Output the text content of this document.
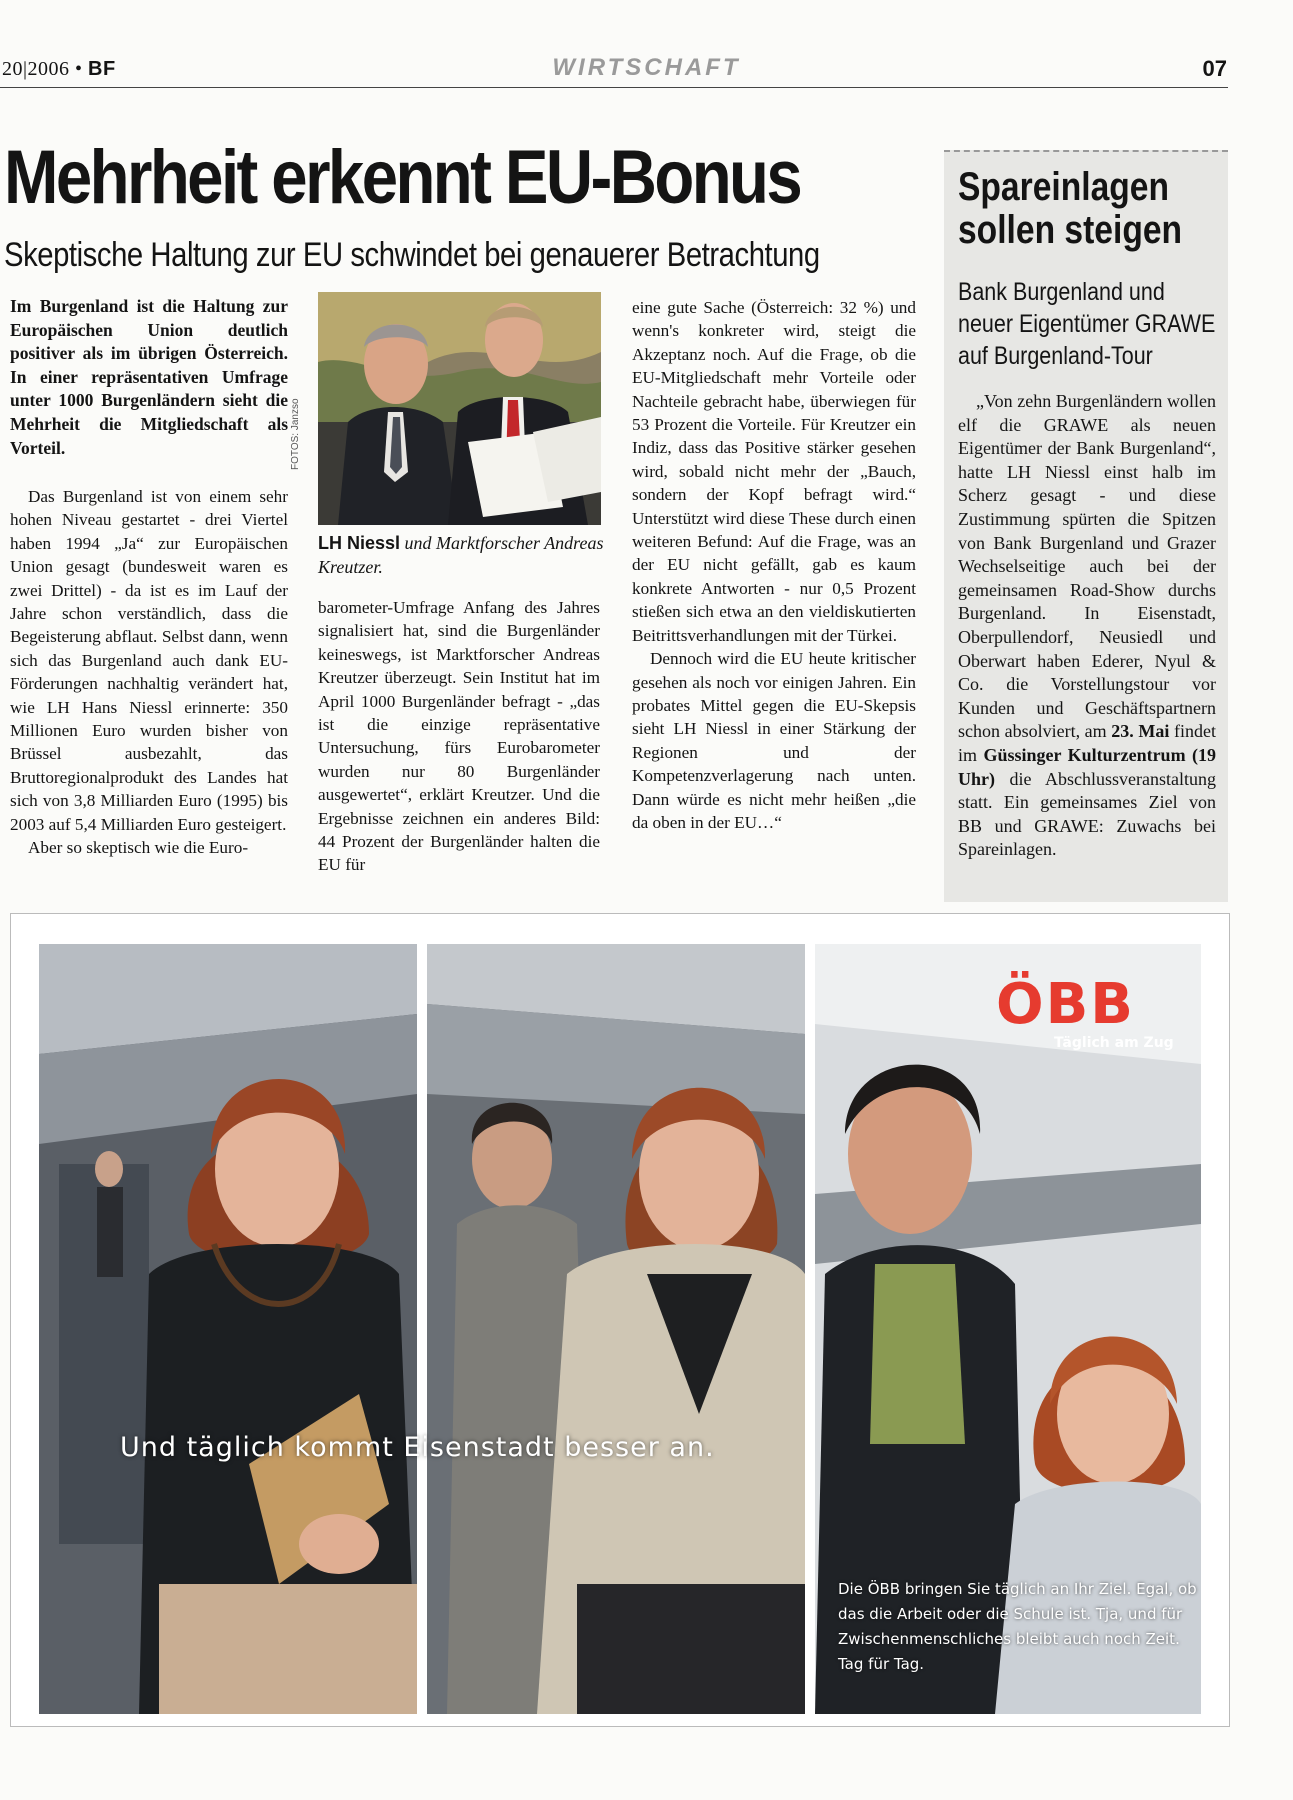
20|2006 • BF	WIRTSCHAFT	07
Mehrheit erkennt EU-Bonus
Skeptische Haltung zur EU schwindet bei genauerer Betrachtung
Im Burgenland ist die Haltung zur Europäischen Union deutlich positiver als im übrigen Österreich. In einer repräsentativen Umfrage unter 1000 Burgenländern sieht die Mehrheit die Mitgliedschaft als Vorteil.

Das Burgenland ist von einem sehr hohen Niveau gestartet - drei Viertel haben 1994 „Ja“ zur Europäischen Union gesagt (bundesweit waren es zwei Drittel) - da ist es im Lauf der Jahre schon verständlich, dass die Begeisterung abflaut. Selbst dann, wenn sich das Burgenland auch dank EU-Förderungen nachhaltig verändert hat, wie LH Hans Niessl erinnerte: 350 Millionen Euro wurden bisher von Brüssel ausbezahlt, das Bruttoregionalprodukt des Landes hat sich von 3,8 Milliarden Euro (1995) bis 2003 auf 5,4 Milliarden Euro gesteigert.

Aber so skeptisch wie die Euro-

FOTOS: Janzso
LH Niessl und Marktforscher Andreas Kreutzer.

barometer-Umfrage Anfang des Jahres signalisiert hat, sind die Burgenländer keineswegs, ist Marktforscher Andreas Kreutzer überzeugt. Sein Institut hat im April 1000 Burgenländer befragt - „das ist die einzige repräsentative Untersuchung, fürs Eurobarometer wurden nur 80 Burgenländer ausgewertet“, erklärt Kreutzer. Und die Ergebnisse zeichnen ein anderes Bild: 44 Prozent der Burgenländer halten die EU für

eine gute Sache (Österreich: 32 %) und wenn's konkreter wird, steigt die Akzeptanz noch. Auf die Frage, ob die EU-Mitgliedschaft mehr Vorteile oder Nachteile gebracht habe, überwiegen für 53 Prozent die Vorteile. Für Kreutzer ein Indiz, dass das Positive stärker gesehen wird, sobald nicht mehr der „Bauch, sondern der Kopf befragt wird.“ Unterstützt wird diese These durch einen weiteren Befund: Auf die Frage, was an der EU nicht gefällt, gab es kaum konkrete Antworten - nur 0,5 Prozent stießen sich etwa an den vieldiskutierten Beitrittsverhandlungen mit der Türkei.

Dennoch wird die EU heute kritischer gesehen als noch vor einigen Jahren. Ein probates Mittel gegen die EU-Skepsis sieht LH Niessl in einer Stärkung der Regionen und der Kompetenzverlagerung nach unten. Dann würde es nicht mehr heißen „die da oben in der EU…“

Spareinlagen
sollen steigen
Bank Burgenland und
neuer Eigentümer GRAWE
auf Burgenland-Tour

„Von zehn Burgenländern wollen elf die GRAWE als neuen Eigentümer der Bank Burgenland“, hatte LH Niessl einst halb im Scherz gesagt - und diese Zustimmung spürten die Spitzen von Bank Burgenland und Grazer Wechselseitige auch bei der gemeinsamen Road-Show durchs Burgenland. In Eisenstadt, Oberpullendorf, Neusiedl und Oberwart haben Ederer, Nyul & Co. die Vorstellungstour vor Kunden und Geschäftspartnern schon absolviert, am 23. Mai findet im Güssinger Kulturzentrum (19 Uhr) die Abschlussveranstaltung statt. Ein gemeinsames Ziel von BB und GRAWE: Zuwachs bei Spareinlagen.

Und täglich kommt Eisenstadt besser an.
ÖBB
Täglich am Zug
Die ÖBB bringen Sie täglich an Ihr Ziel. Egal, ob das die Arbeit oder die Schule ist. Tja, und für Zwischenmenschliches bleibt auch noch Zeit. Tag für Tag.
